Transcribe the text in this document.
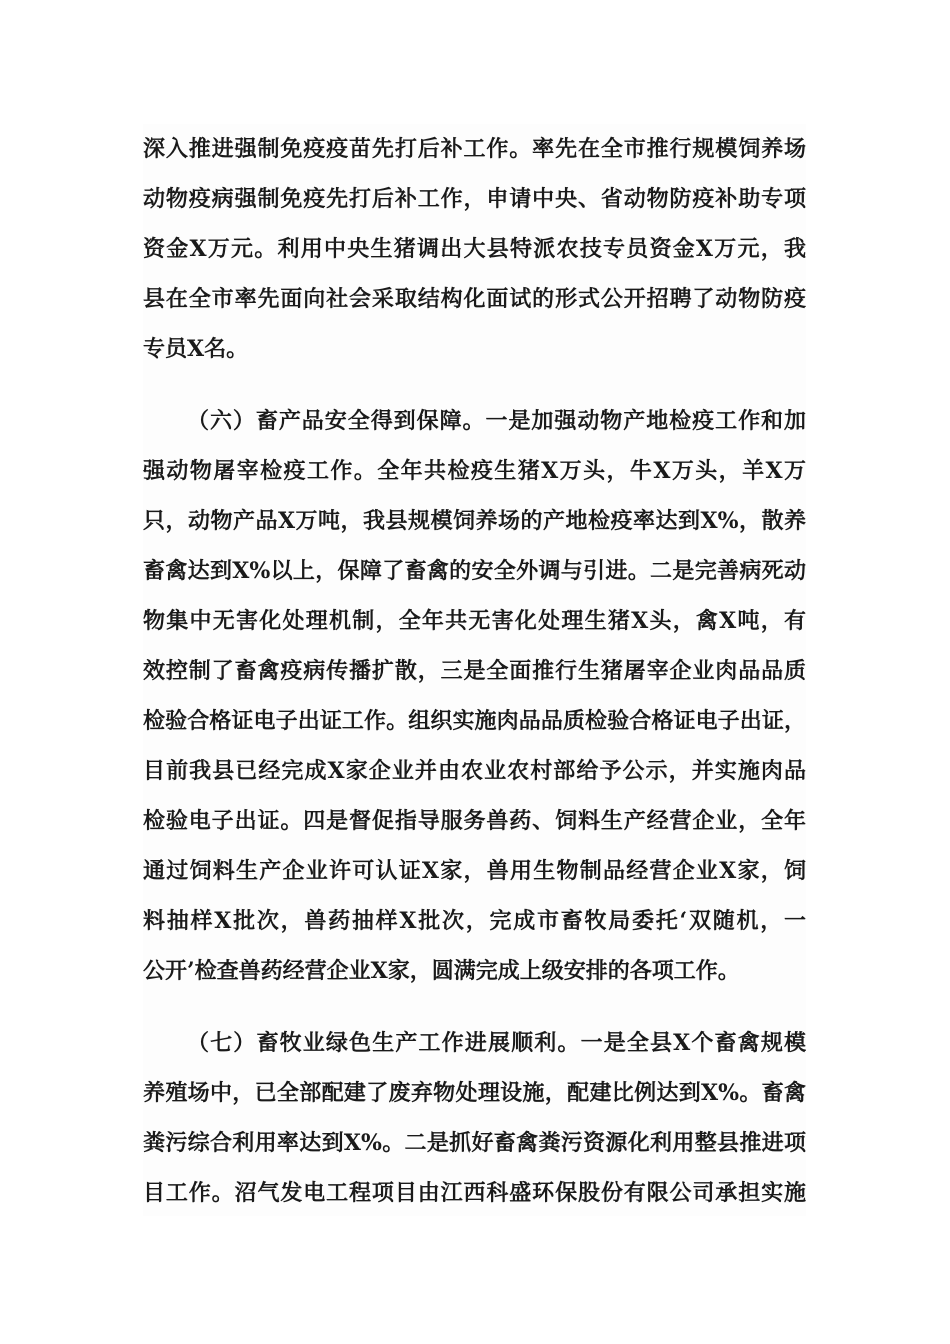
深入推进强制免疫疫苗先打后补工作。率先在全市推行规模饲养场
动物疫病强制免疫先打后补工作，申请中央、省动物防疫补助专项
资金X万元。利用中央生猪调出大县特派农技专员资金X万元，我
县在全市率先面向社会采取结构化面试的形式公开招聘了动物防疫
专员X名。
（六）畜产品安全得到保障。一是加强动物产地检疫工作和加
强动物屠宰检疫工作。全年共检疫生猪X万头，牛X万头，羊X万
只，动物产品X万吨，我县规模饲养场的产地检疫率达到X%，散养
畜禽达到X%以上，保障了畜禽的安全外调与引进。二是完善病死动
物集中无害化处理机制，全年共无害化处理生猪X头，禽X吨，有
效控制了畜禽疫病传播扩散，三是全面推行生猪屠宰企业肉品品质
检验合格证电子出证工作。组织实施肉品品质检验合格证电子出证，
目前我县已经完成X家企业并由农业农村部给予公示，并实施肉品
检验电子出证。四是督促指导服务兽药、饲料生产经营企业，全年
通过饲料生产企业许可认证X家，兽用生物制品经营企业X家，饲
料抽样X批次，兽药抽样X批次，完成市畜牧局委托‘双随机，一
公开’检查兽药经营企业X家，圆满完成上级安排的各项工作。
（七）畜牧业绿色生产工作进展顺利。一是全县X个畜禽规模
养殖场中，已全部配建了废弃物处理设施，配建比例达到X%。畜禽
粪污综合利用率达到X%。二是抓好畜禽粪污资源化利用整县推进项
目工作。沼气发电工程项目由江西科盛环保股份有限公司承担实施
